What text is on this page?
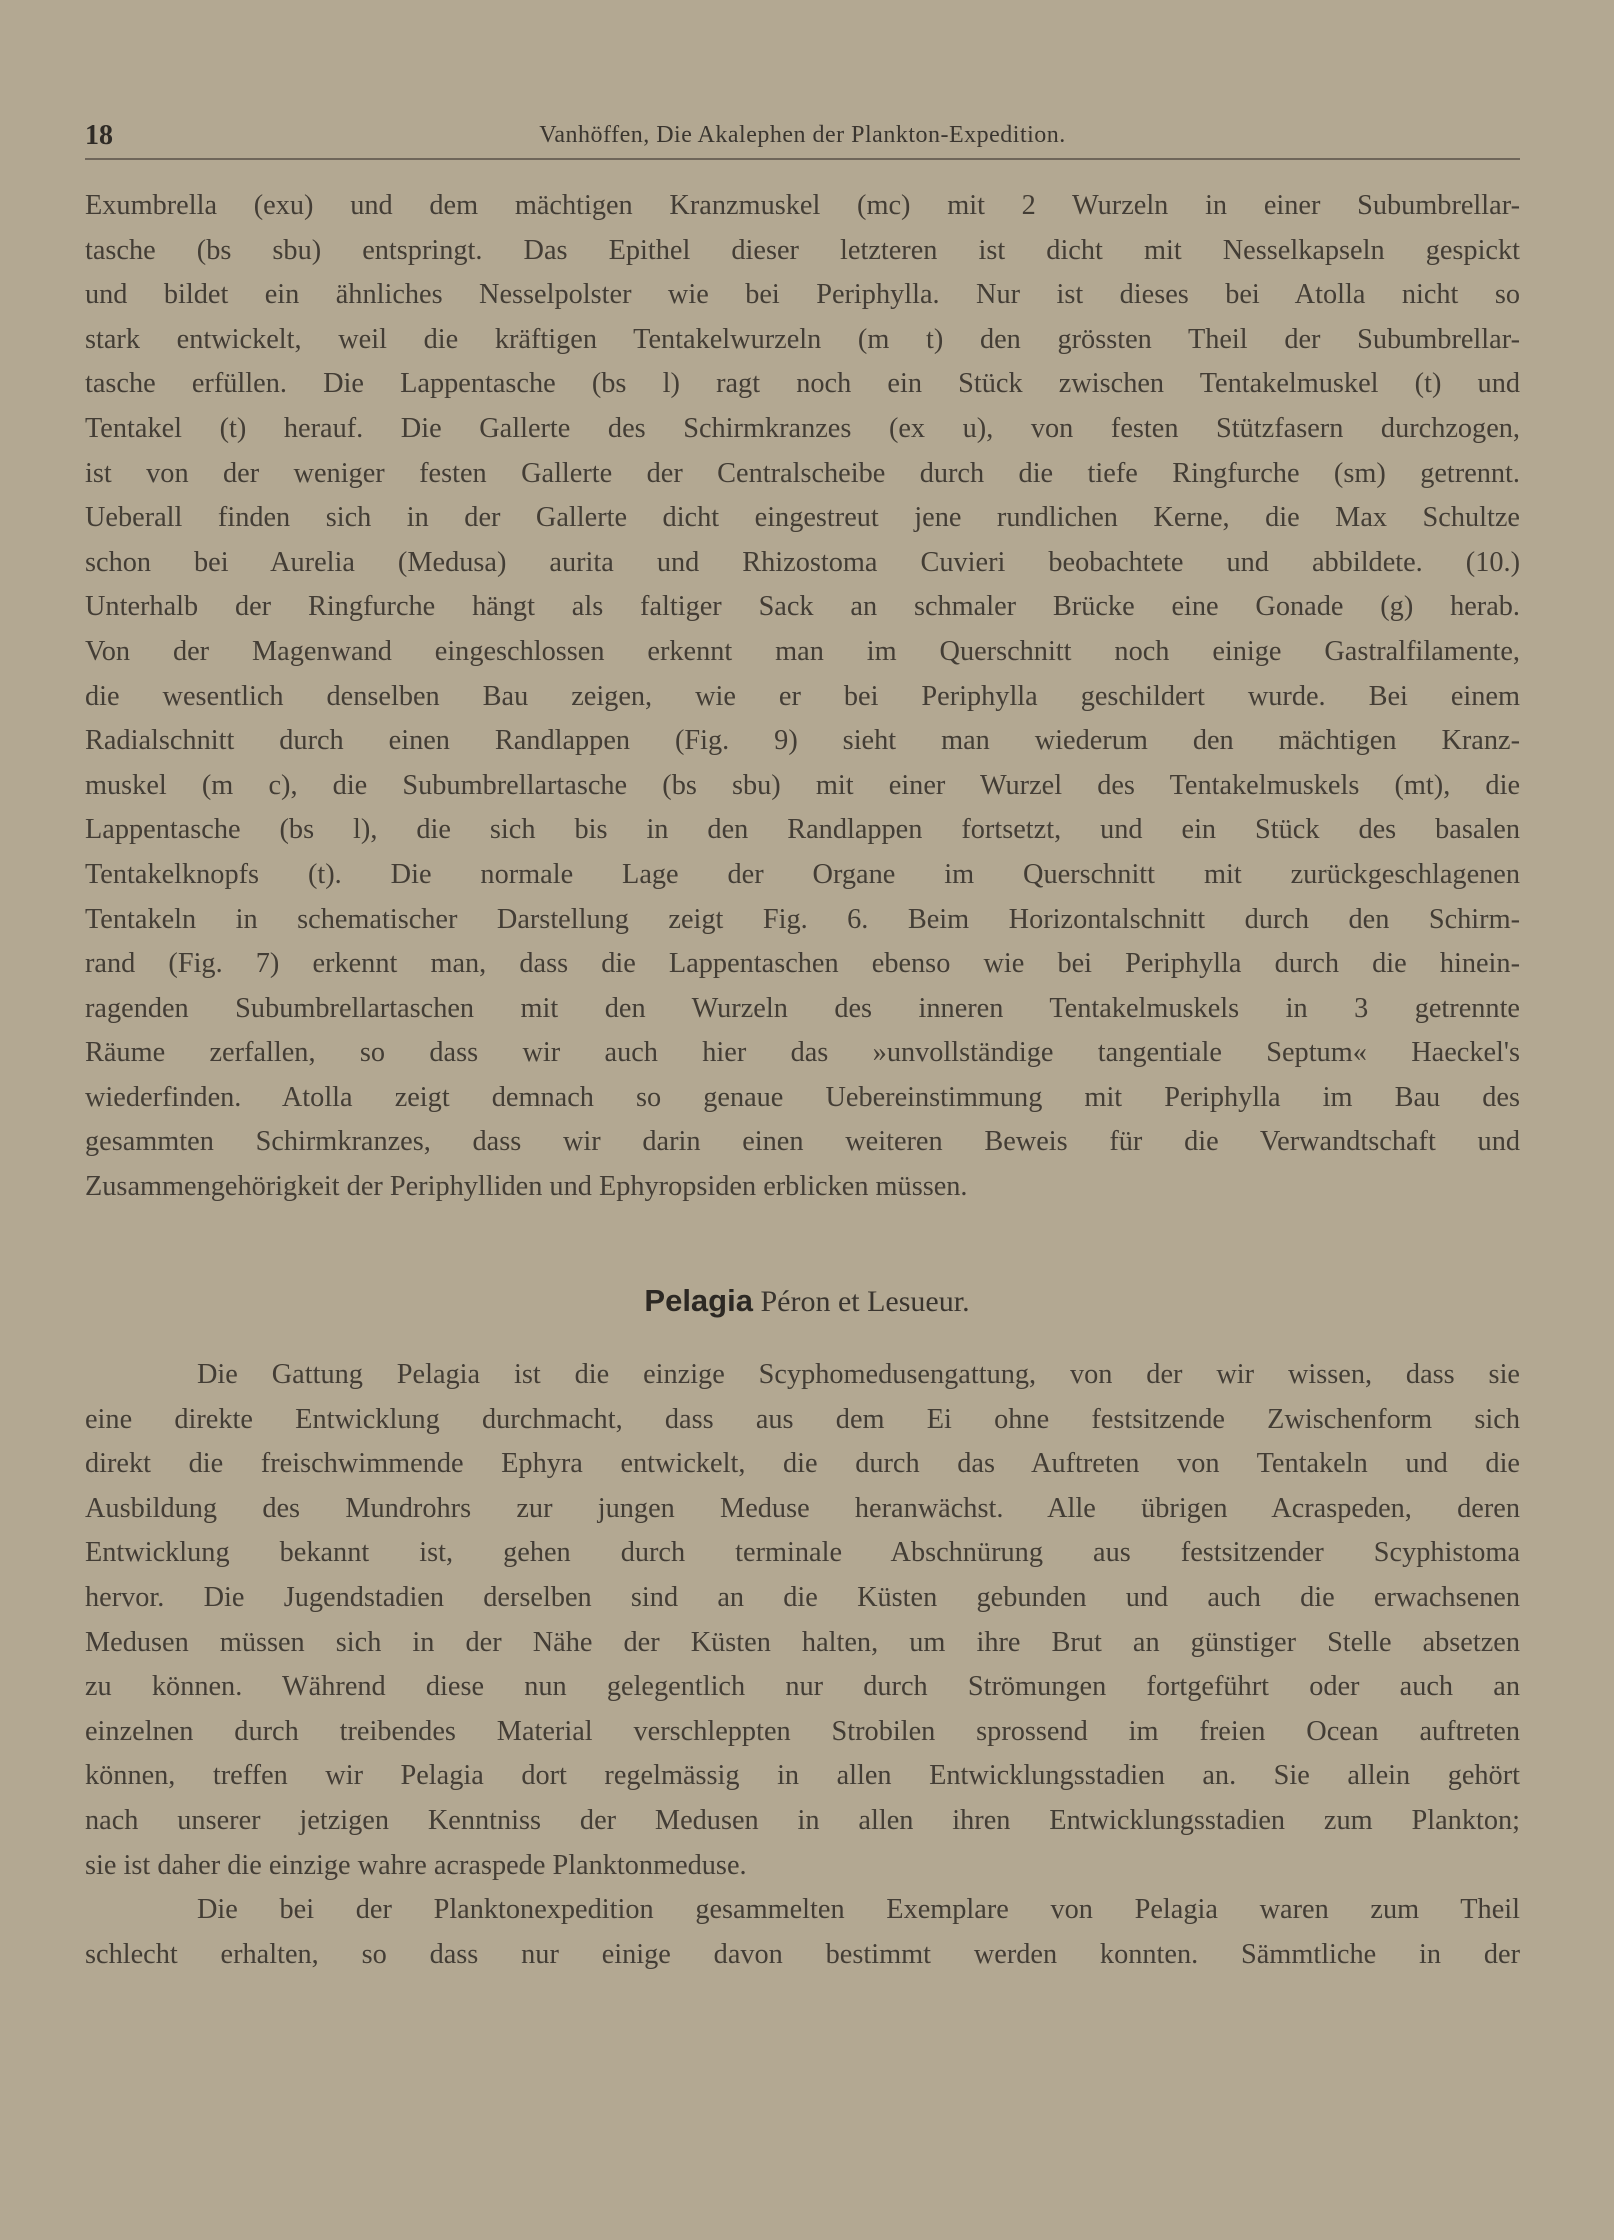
18	Vanhöffen, Die Akalephen der Plankton-Expedition.
Exumbrella (exu) und dem mächtigen Kranzmuskel (mc) mit 2 Wurzeln in einer Subumbrellar-
tasche (bs sbu) entspringt. Das Epithel dieser letzteren ist dicht mit Nesselkapseln gespickt
und bildet ein ähnliches Nesselpolster wie bei Periphylla. Nur ist dieses bei Atolla nicht so
stark entwickelt, weil die kräftigen Tentakelwurzeln (m t) den grössten Theil der Subumbrellar-
tasche erfüllen. Die Lappentasche (bs l) ragt noch ein Stück zwischen Tentakelmuskel (t) und
Tentakel (t) herauf. Die Gallerte des Schirmkranzes (ex u), von festen Stützfasern durchzogen,
ist von der weniger festen Gallerte der Centralscheibe durch die tiefe Ringfurche (sm) getrennt.
Ueberall finden sich in der Gallerte dicht eingestreut jene rundlichen Kerne, die Max Schultze
schon bei Aurelia (Medusa) aurita und Rhizostoma Cuvieri beobachtete und abbildete. (10.)
Unterhalb der Ringfurche hängt als faltiger Sack an schmaler Brücke eine Gonade (g) herab.
Von der Magenwand eingeschlossen erkennt man im Querschnitt noch einige Gastralfilamente,
die wesentlich denselben Bau zeigen, wie er bei Periphylla geschildert wurde. Bei einem
Radialschnitt durch einen Randlappen (Fig. 9) sieht man wiederum den mächtigen Kranz-
muskel (m c), die Subumbrellartasche (bs sbu) mit einer Wurzel des Tentakelmuskels (mt), die
Lappentasche (bs l), die sich bis in den Randlappen fortsetzt, und ein Stück des basalen
Tentakelknopfs (t). Die normale Lage der Organe im Querschnitt mit zurückgeschlagenen
Tentakeln in schematischer Darstellung zeigt Fig. 6. Beim Horizontalschnitt durch den Schirm-
rand (Fig. 7) erkennt man, dass die Lappentaschen ebenso wie bei Periphylla durch die hinein-
ragenden Subumbrellartaschen mit den Wurzeln des inneren Tentakelmuskels in 3 getrennte
Räume zerfallen, so dass wir auch hier das »unvollständige tangentiale Septum« Haeckel's
wiederfinden. Atolla zeigt demnach so genaue Uebereinstimmung mit Periphylla im Bau des
gesammten Schirmkranzes, dass wir darin einen weiteren Beweis für die Verwandtschaft und
Zusammengehörigkeit der Periphylliden und Ephyropsiden erblicken müssen.
Pelagia Péron et Lesueur.
Die Gattung Pelagia ist die einzige Scyphomedusengattung, von der wir wissen, dass sie
eine direkte Entwicklung durchmacht, dass aus dem Ei ohne festsitzende Zwischenform sich
direkt die freischwimmende Ephyra entwickelt, die durch das Auftreten von Tentakeln und die
Ausbildung des Mundrohrs zur jungen Meduse heranwächst. Alle übrigen Acraspeden, deren
Entwicklung bekannt ist, gehen durch terminale Abschnürung aus festsitzender Scyphistoma
hervor. Die Jugendstadien derselben sind an die Küsten gebunden und auch die erwachsenen
Medusen müssen sich in der Nähe der Küsten halten, um ihre Brut an günstiger Stelle absetzen
zu können. Während diese nun gelegentlich nur durch Strömungen fortgeführt oder auch an
einzelnen durch treibendes Material verschleppten Strobilen sprossend im freien Ocean auftreten
können, treffen wir Pelagia dort regelmässig in allen Entwicklungsstadien an. Sie allein gehört
nach unserer jetzigen Kenntniss der Medusen in allen ihren Entwicklungsstadien zum Plankton;
sie ist daher die einzige wahre acraspede Planktonmeduse.
Die bei der Planktonexpedition gesammelten Exemplare von Pelagia waren zum Theil
schlecht erhalten, so dass nur einige davon bestimmt werden konnten. Sämmtliche in der
